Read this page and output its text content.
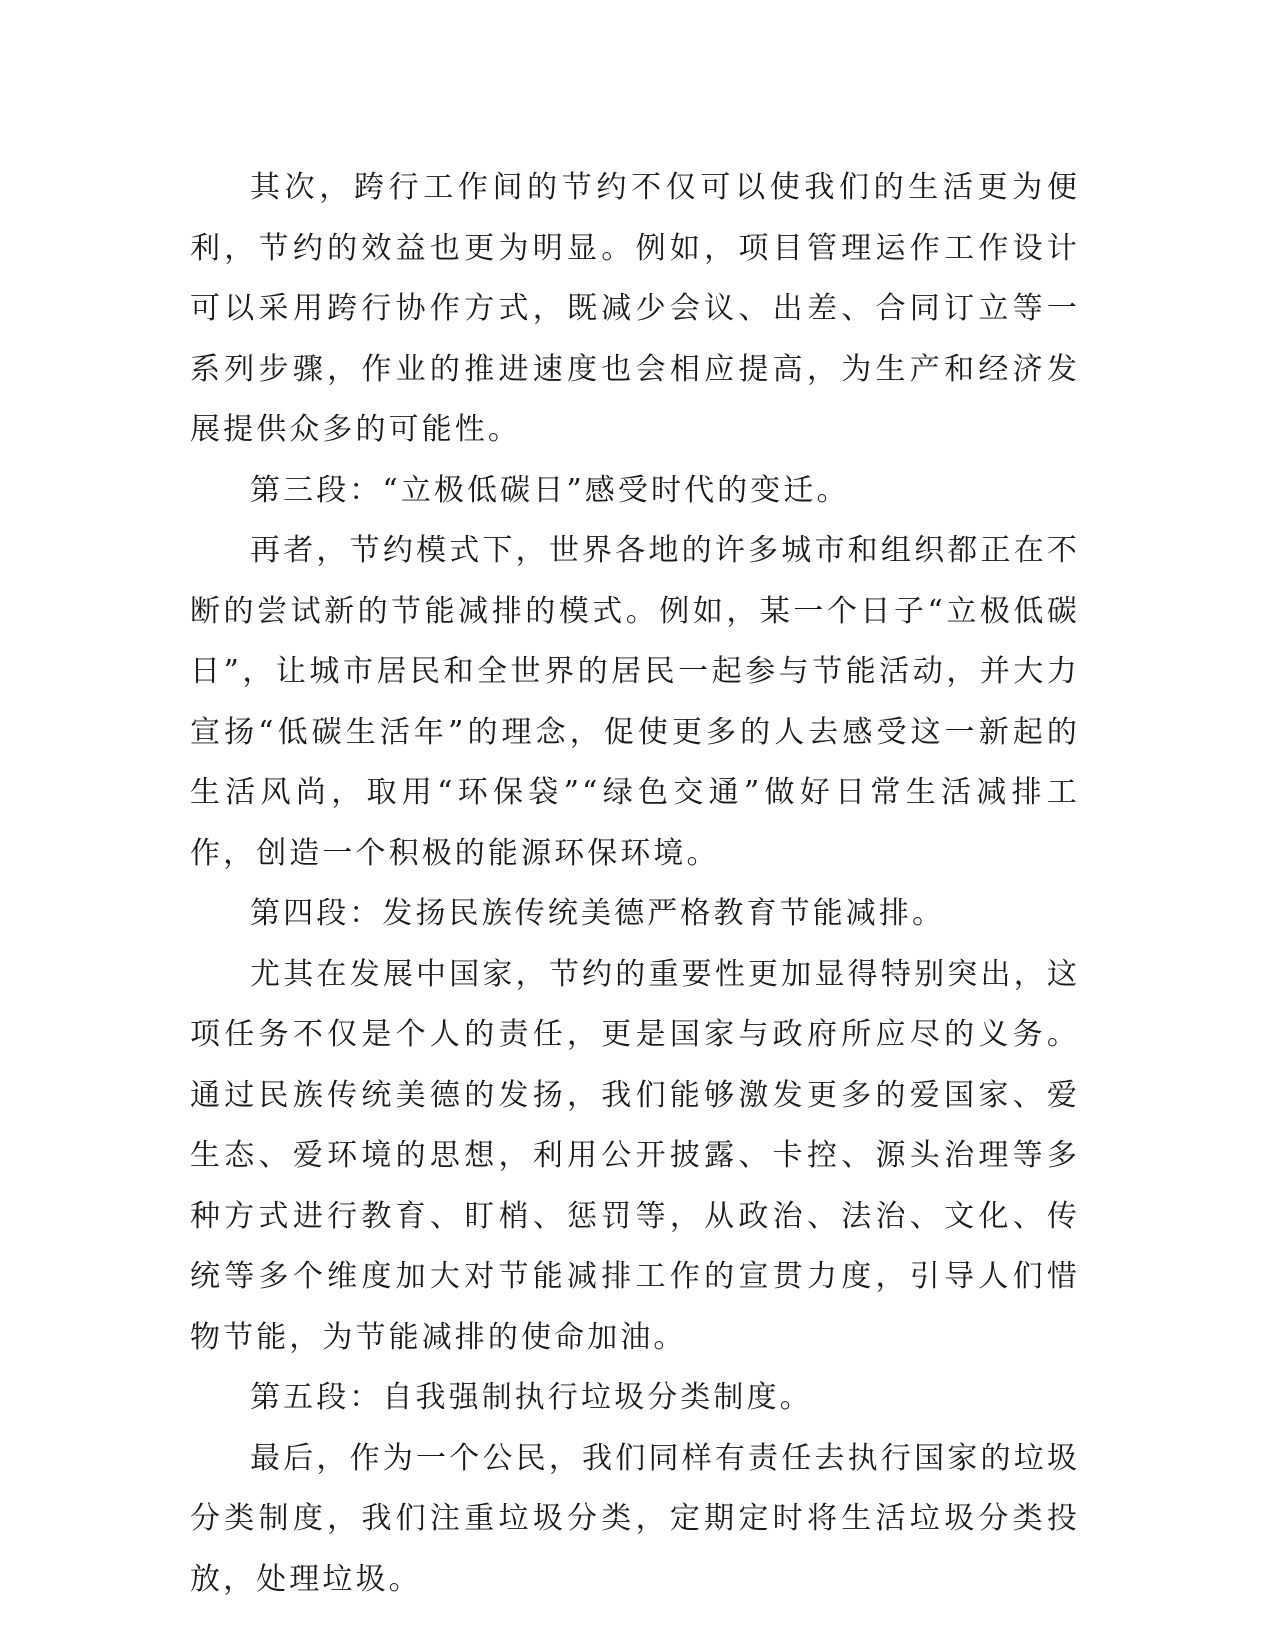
其次，跨行工作间的节约不仅可以使我们的生活更为便利，节约的效益也更为明显。例如，项目管理运作工作设计可以采用跨行协作方式，既减少会议、出差、合同订立等一系列步骤，作业的推进速度也会相应提高，为生产和经济发展提供众多的可能性。

第三段：“立极低碳日”感受时代的变迁。

再者，节约模式下，世界各地的许多城市和组织都正在不断的尝试新的节能减排的模式。例如，某一个日子“立极低碳日”，让城市居民和全世界的居民一起参与节能活动，并大力宣扬“低碳生活年”的理念，促使更多的人去感受这一新起的生活风尚，取用“环保袋”“绿色交通”做好日常生活减排工作，创造一个积极的能源环保环境。

第四段：发扬民族传统美德严格教育节能减排。

尤其在发展中国家，节约的重要性更加显得特别突出，这项任务不仅是个人的责任，更是国家与政府所应尽的义务。通过民族传统美德的发扬，我们能够激发更多的爱国家、爱生态、爱环境的思想，利用公开披露、卡控、源头治理等多种方式进行教育、盯梢、惩罚等，从政治、法治、文化、传统等多个维度加大对节能减排工作的宣贯力度，引导人们惜物节能，为节能减排的使命加油。

第五段：自我强制执行垃圾分类制度。

最后，作为一个公民，我们同样有责任去执行国家的垃圾分类制度，我们注重垃圾分类，定期定时将生活垃圾分类投放，处理垃圾。
